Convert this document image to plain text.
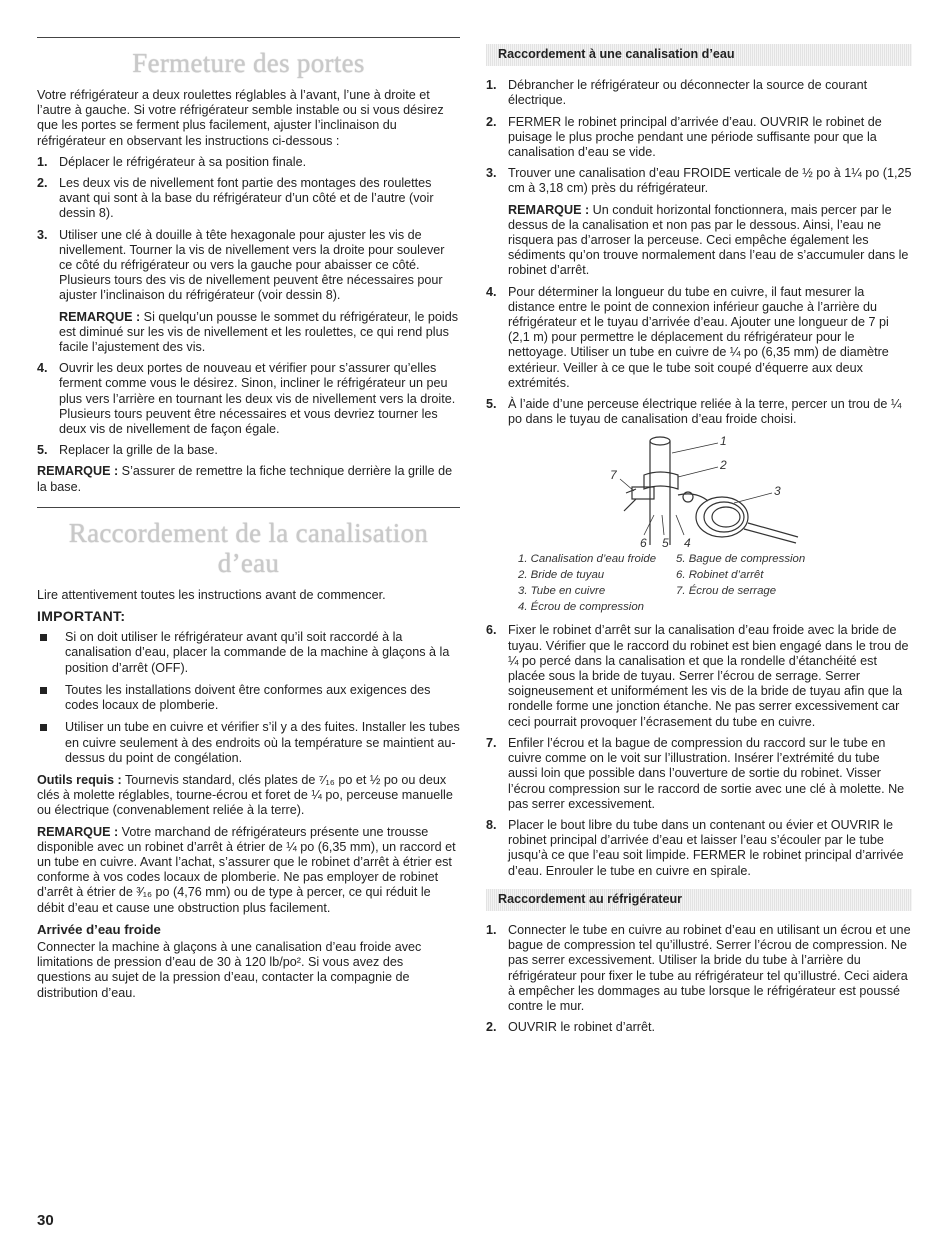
Fermeture des portes

Votre réfrigérateur a deux roulettes réglables à l’avant, l’une à droite et l’autre à gauche. Si votre réfrigérateur semble instable ou si vous désirez que les portes se ferment plus facilement, ajuster l’inclinaison du réfrigérateur en observant les instructions ci-dessous :

1. Déplacer le réfrigérateur à sa position finale.
2. Les deux vis de nivellement font partie des montages des roulettes avant qui sont à la base du réfrigérateur d’un côté et de l’autre (voir dessin 8).
3. Utiliser une clé à douille à tête hexagonale pour ajuster les vis de nivellement. Tourner la vis de nivellement vers la droite pour soulever ce côté du réfrigérateur ou vers la gauche pour abaisser ce côté. Plusieurs tours des vis de nivellement peuvent être nécessaires pour ajuster l’inclinaison du réfrigérateur (voir dessin 8).
REMARQUE : Si quelqu’un pousse le sommet du réfrigérateur, le poids est diminué sur les vis de nivellement et les roulettes, ce qui rend plus facile l’ajustement des vis.
4. Ouvrir les deux portes de nouveau et vérifier pour s’assurer qu’elles ferment comme vous le désirez. Sinon, incliner le réfrigérateur un peu plus vers l’arrière en tournant les deux vis de nivellement vers la droite. Plusieurs tours peuvent être nécessaires et vous devriez tourner les deux vis de nivellement de façon égale.
5. Replacer la grille de la base.

REMARQUE : S’assurer de remettre la fiche technique derrière la grille de la base.

Raccordement de la canalisation d’eau

Lire attentivement toutes les instructions avant de commencer.

IMPORTANT:
Si on doit utiliser le réfrigérateur avant qu’il soit raccordé à la canalisation d’eau, placer la commande de la machine à glaçons à la position d’arrêt (OFF).
Toutes les installations doivent être conformes aux exigences des codes locaux de plomberie.
Utiliser un tube en cuivre et vérifier s’il y a des fuites. Installer les tubes en cuivre seulement à des endroits où la température se maintient au-dessus du point de congélation.

Outils requis : Tournevis standard, clés plates de ⁷⁄₁₆ po et ½ po ou deux clés à molette réglables, tourne-écrou et foret de ¼ po, perceuse manuelle ou électrique (convenablement reliée à la terre).

REMARQUE : Votre marchand de réfrigérateurs présente une trousse disponible avec un robinet d’arrêt à étrier de ¼ po (6,35 mm), un raccord et un tube en cuivre. Avant l’achat, s’assurer que le robinet d’arrêt à étrier est conforme à vos codes locaux de plomberie. Ne pas employer de robinet d’arrêt à étrier de ³⁄₁₆ po (4,76 mm) ou de type à percer, ce qui réduit le débit d’eau et cause une obstruction plus facilement.

Arrivée d’eau froide

Connecter la machine à glaçons à une canalisation d’eau froide avec limitations de pression d’eau de 30 à 120 lb/po². Si vous avez des questions au sujet de la pression d’eau, contacter la compagnie de distribution d’eau.

Raccordement à une canalisation d’eau
1. Débrancher le réfrigérateur ou déconnecter la source de courant électrique.
2. FERMER le robinet principal d’arrivée d’eau. OUVRIR le robinet de puisage le plus proche pendant une période suffisante pour que la canalisation d’eau se vide.
3. Trouver une canalisation d’eau FROIDE verticale de ½ po à 1¼ po (1,25 cm à 3,18 cm) près du réfrigérateur.
REMARQUE : Un conduit horizontal fonctionnera, mais percer par le dessus de la canalisation et non pas par le dessous. Ainsi, l’eau ne risquera pas d’arroser la perceuse. Ceci empêche également les sédiments qu’on trouve normalement dans l’eau de s’accumuler dans le robinet d’arrêt.
4. Pour déterminer la longueur du tube en cuivre, il faut mesurer la distance entre le point de connexion inférieur gauche à l’arrière du réfrigérateur et le tuyau d’arrivée d’eau. Ajouter une longueur de 7 pi (2,1 m) pour permettre le déplacement du réfrigérateur pour le nettoyage. Utiliser un tube en cuivre de ¼ po (6,35 mm) de diamètre extérieur. Veiller à ce que le tube soit coupé d’équerre aux deux extrémités.
5. À l’aide d’une perceuse électrique reliée à la terre, percer un trou de ¼ po dans le tuyau de canalisation d’eau froide choisi.
1
2
3
4
5
6
7
1. Canalisation d’eau froide	5. Bague de compression
2. Bride de tuyau	6. Robinet d’arrêt
3. Tube en cuivre	7. Écrou de serrage
4. Écrou de compression	
6. Fixer le robinet d’arrêt sur la canalisation d’eau froide avec la bride de tuyau. Vérifier que le raccord du robinet est bien engagé dans le trou de ¼ po percé dans la canalisation et que la rondelle d’étanchéité est placée sous la bride de tuyau. Serrer l’écrou de serrage. Serrer soigneusement et uniformément les vis de la bride de tuyau afin que la rondelle forme une jonction étanche. Ne pas serrer excessivement car ceci pourrait provoquer l’écrasement du tube en cuivre.
7. Enfiler l’écrou et la bague de compression du raccord sur le tube en cuivre comme on le voit sur l’illustration. Insérer l’extrémité du tube aussi loin que possible dans l’ouverture de sortie du robinet. Visser l’écrou compression sur le raccord de sortie avec une clé à molette. Ne pas serrer excessivement.
8. Placer le bout libre du tube dans un contenant ou évier et OUVRIR le robinet principal d’arrivée d’eau et laisser l’eau s’écouler par le tube jusqu’à ce que l’eau soit limpide. FERMER le robinet principal d’arrivée d’eau. Enrouler le tube en cuivre en spirale.
Raccordement au réfrigérateur
1. Connecter le tube en cuivre au robinet d’eau en utilisant un écrou et une bague de compression tel qu’illustré. Serrer l’écrou de compression. Ne pas serrer excessivement. Utiliser la bride du tube à l’arrière du réfrigérateur pour fixer le tube au réfrigérateur tel qu’illustré. Ceci aidera à empêcher les dommages au tube lorsque le réfrigérateur est poussé contre le mur.
2. OUVRIR le robinet d’arrêt.
30
